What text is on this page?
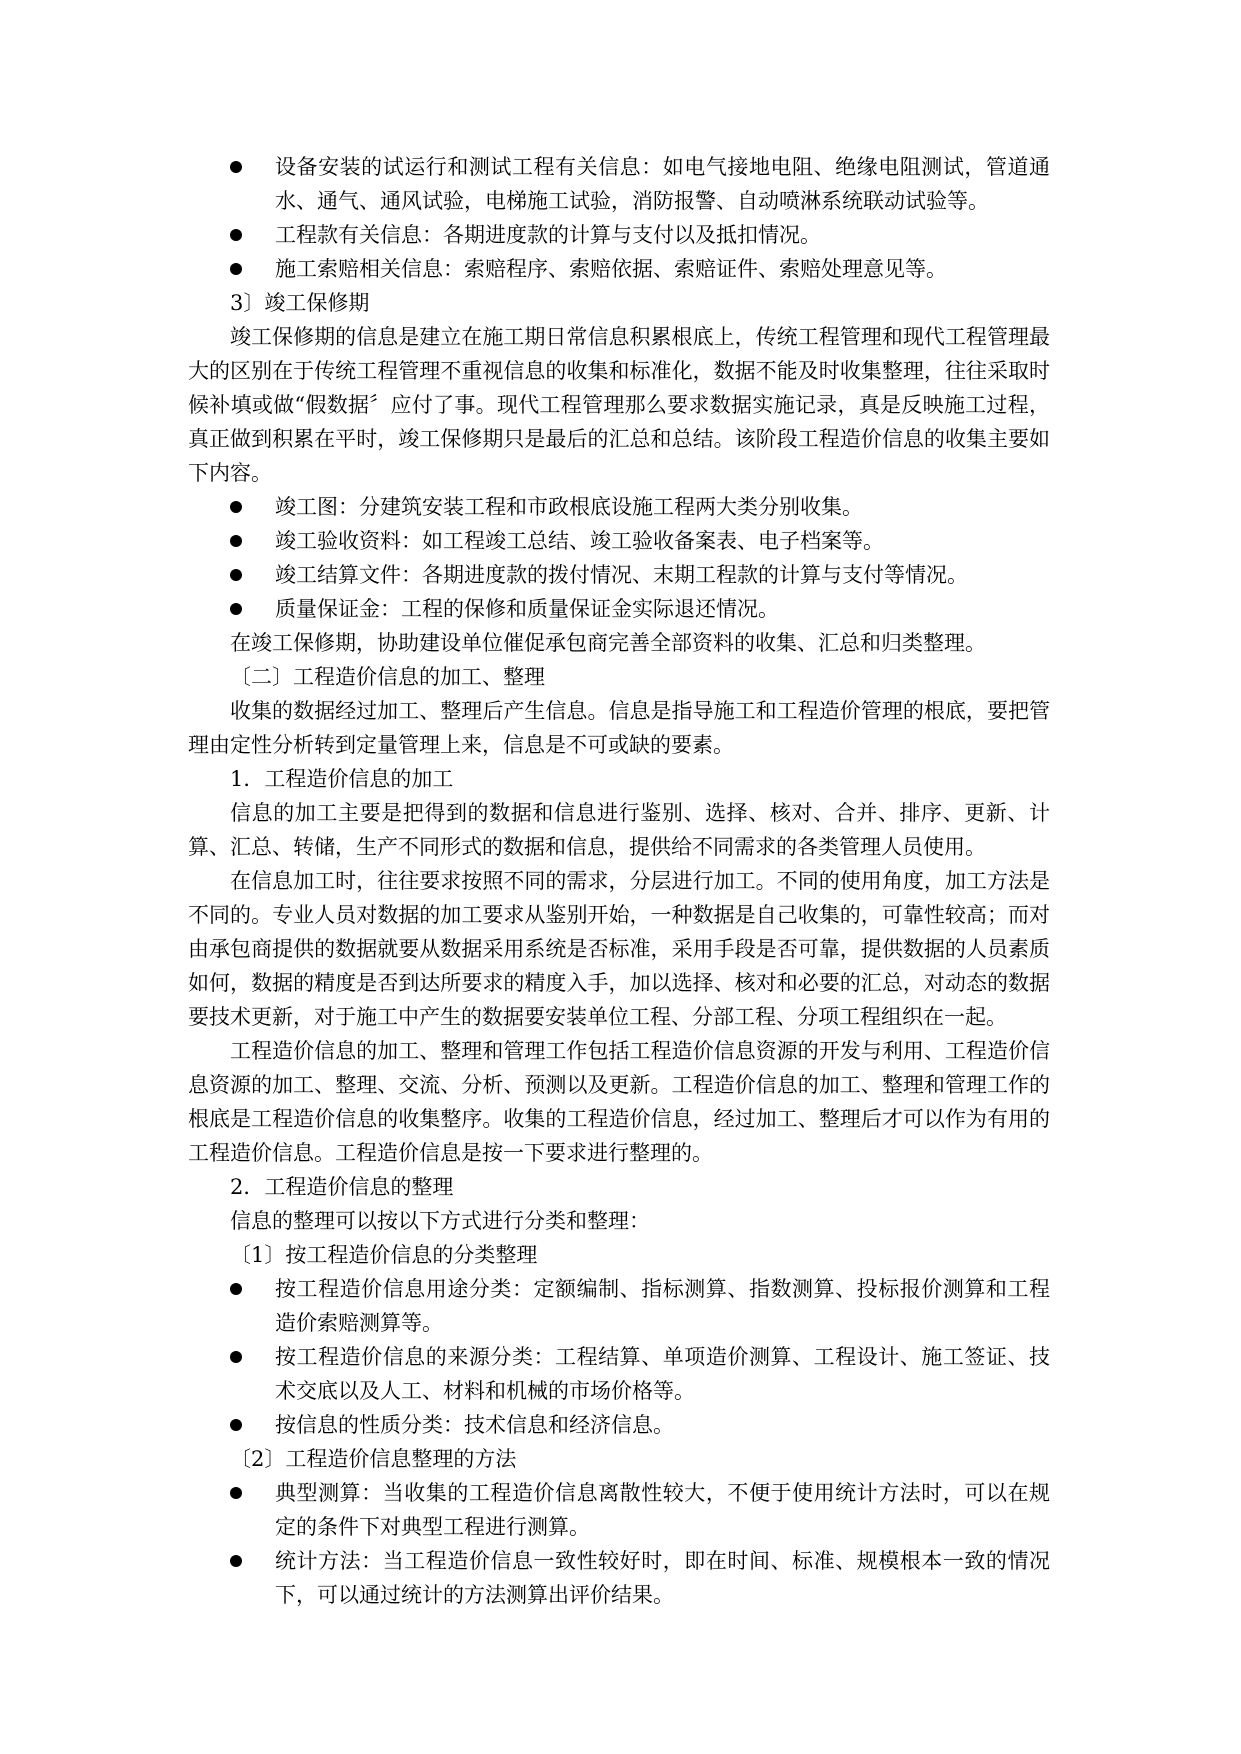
设备安装的试运行和测试工程有关信息：如电气接地电阻、绝缘电阻测试，管道通水、通气、通风试验，电梯施工试验，消防报警、自动喷淋系统联动试验等。
工程款有关信息：各期进度款的计算与支付以及抵扣情况。
施工索赔相关信息：索赔程序、索赔依据、索赔证件、索赔处理意见等。

3〕竣工保修期

竣工保修期的信息是建立在施工期日常信息积累根底上，传统工程管理和现代工程管理最大的区别在于传统工程管理不重视信息的收集和标准化，数据不能及时收集整理，往往采取时候补填或做“假数据〞应付了事。现代工程管理那么要求数据实施记录，真是反映施工过程，真正做到积累在平时，竣工保修期只是最后的汇总和总结。该阶段工程造价信息的收集主要如下内容。

竣工图：分建筑安装工程和市政根底设施工程两大类分别收集。
竣工验收资料：如工程竣工总结、竣工验收备案表、电子档案等。
竣工结算文件：各期进度款的拨付情况、末期工程款的计算与支付等情况。
质量保证金：工程的保修和质量保证金实际退还情况。

在竣工保修期，协助建设单位催促承包商完善全部资料的收集、汇总和归类整理。

〔二〕工程造价信息的加工、整理

收集的数据经过加工、整理后产生信息。信息是指导施工和工程造价管理的根底，要把管理由定性分析转到定量管理上来，信息是不可或缺的要素。

1．工程造价信息的加工

信息的加工主要是把得到的数据和信息进行鉴别、选择、核对、合并、排序、更新、计算、汇总、转储，生产不同形式的数据和信息，提供给不同需求的各类管理人员使用。

在信息加工时，往往要求按照不同的需求，分层进行加工。不同的使用角度，加工方法是不同的。专业人员对数据的加工要求从鉴别开始，一种数据是自己收集的，可靠性较高；而对由承包商提供的数据就要从数据采用系统是否标准，采用手段是否可靠，提供数据的人员素质如何，数据的精度是否到达所要求的精度入手，加以选择、核对和必要的汇总，对动态的数据要技术更新，对于施工中产生的数据要安装单位工程、分部工程、分项工程组织在一起。

工程造价信息的加工、整理和管理工作包括工程造价信息资源的开发与利用、工程造价信息资源的加工、整理、交流、分析、预测以及更新。工程造价信息的加工、整理和管理工作的根底是工程造价信息的收集整序。收集的工程造价信息，经过加工、整理后才可以作为有用的工程造价信息。工程造价信息是按一下要求进行整理的。

2．工程造价信息的整理

信息的整理可以按以下方式进行分类和整理：

〔1〕按工程造价信息的分类整理

按工程造价信息用途分类：定额编制、指标测算、指数测算、投标报价测算和工程造价索赔测算等。
按工程造价信息的来源分类：工程结算、单项造价测算、工程设计、施工签证、技术交底以及人工、材料和机械的市场价格等。
按信息的性质分类：技术信息和经济信息。

〔2〕工程造价信息整理的方法

典型测算：当收集的工程造价信息离散性较大，不便于使用统计方法时，可以在规定的条件下对典型工程进行测算。
统计方法：当工程造价信息一致性较好时，即在时间、标准、规模根本一致的情况下，可以通过统计的方法测算出评价结果。
